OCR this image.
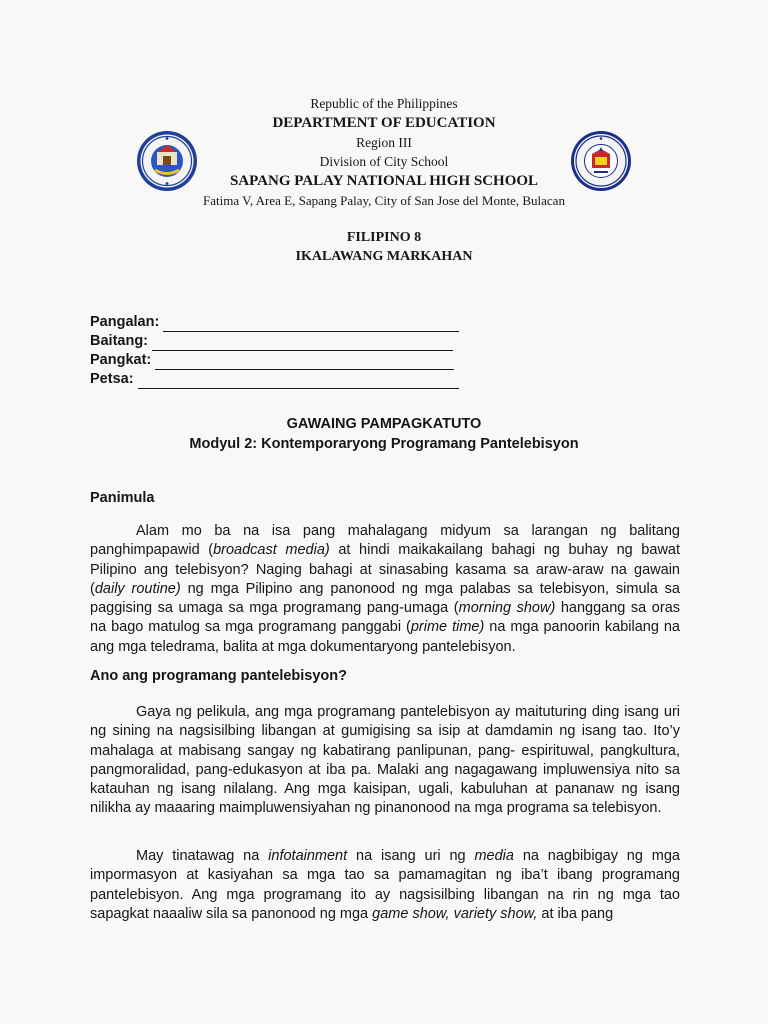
Republic of the Philippines
DEPARTMENT OF EDUCATION
Region III
Division of City School
SAPANG PALAY NATIONAL HIGH SCHOOL
Fatima V, Area E, Sapang Palay, City of San Jose del Monte, Bulacan
FILIPINO 8
IKALAWANG MARKAHAN
Pangalan:
Baitang:
Pangkat:
Petsa:
GAWAING PAMPAGKATUTO
Modyul 2: Kontemporaryong Programang Pantelebisyon
Panimula

Alam mo ba na isa pang mahalagang midyum sa larangan ng balitang panghimpapawid (broadcast media) at hindi maikakailang bahagi ng buhay ng bawat Pilipino ang telebisyon? Naging bahagi at sinasabing kasama sa araw-araw na gawain (daily routine) ng mga Pilipino ang panonood ng mga palabas sa telebisyon, simula sa paggising sa umaga sa mga programang pang-umaga (morning show) hanggang sa oras na bago matulog sa mga programang panggabi (prime time) na mga panoorin kabilang na ang mga teledrama, balita at mga dokumentaryong pantelebisyon.

Ano ang programang pantelebisyon?

Gaya ng pelikula, ang mga programang pantelebisyon ay maituturing ding isang uri ng sining na nagsisilbing libangan at gumigising sa isip at damdamin ng isang tao. Ito’y mahalaga at mabisang sangay ng kabatirang panlipunan, pang- espirituwal, pangkultura, pangmoralidad, pang-edukasyon at iba pa. Malaki ang nagagawang impluwensiya nito sa katauhan ng isang nilalang. Ang mga kaisipan, ugali, kabuluhan at pananaw ng isang nilikha ay maaaring maimpluwensiyahan ng pinanonood na mga programa sa telebisyon.

May tinatawag na infotainment na isang uri ng media na nagbibigay ng mga impormasyon at kasiyahan sa mga tao sa pamamagitan ng iba’t ibang programang pantelebisyon. Ang mga programang ito ay nagsisilbing libangan na rin ng mga tao sapagkat naaaliw sila sa panonood ng mga game show, variety show, at iba pang
